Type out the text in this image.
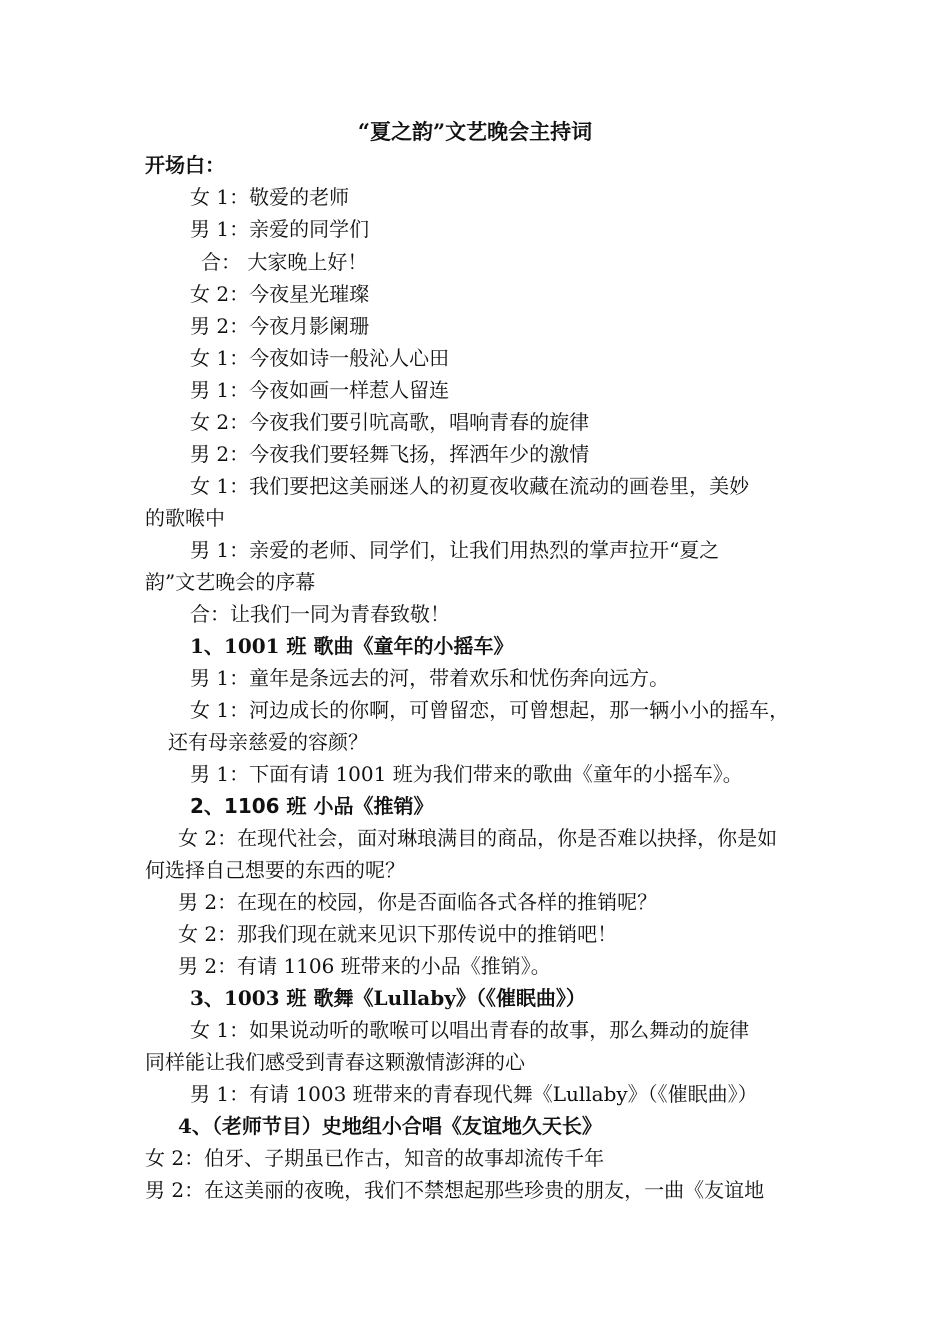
“夏之韵”文艺晚会主持词
开场白：
女 1：敬爱的老师
男 1：亲爱的同学们
合： 大家晚上好！
女 2：今夜星光璀璨
男 2：今夜月影阑珊
女 1：今夜如诗一般沁人心田
男 1：今夜如画一样惹人留连
女 2：今夜我们要引吭高歌，唱响青春的旋律
男 2：今夜我们要轻舞飞扬，挥洒年少的激情
女 1：我们要把这美丽迷人的初夏夜收藏在流动的画卷里，美妙
的歌喉中
男 1：亲爱的老师、同学们，让我们用热烈的掌声拉开“夏之
韵”文艺晚会的序幕
合：让我们一同为青春致敬！
1、1001 班 歌曲《童年的小摇车》
男 1：童年是条远去的河，带着欢乐和忧伤奔向远方。
女 1：河边成长的你啊，可曾留恋，可曾想起，那一辆小小的摇车，
还有母亲慈爱的容颜？
男 1：下面有请 1001 班为我们带来的歌曲《童年的小摇车》。
2、1106 班 小品《推销》
女 2：在现代社会，面对琳琅满目的商品，你是否难以抉择，你是如
何选择自己想要的东西的呢？
男 2：在现在的校园，你是否面临各式各样的推销呢？
女 2：那我们现在就来见识下那传说中的推销吧！
男 2：有请 1106 班带来的小品《推销》。
3、1003 班 歌舞《Lullaby》（《催眠曲》）
女 1：如果说动听的歌喉可以唱出青春的故事，那么舞动的旋律
同样能让我们感受到青春这颗激情澎湃的心
男 1：有请 1003 班带来的青春现代舞《Lullaby》（《催眠曲》）
4、（老师节目）史地组小合唱《友谊地久天长》
女 2：伯牙、子期虽已作古，知音的故事却流传千年
男 2：在这美丽的夜晚，我们不禁想起那些珍贵的朋友，一曲《友谊地
